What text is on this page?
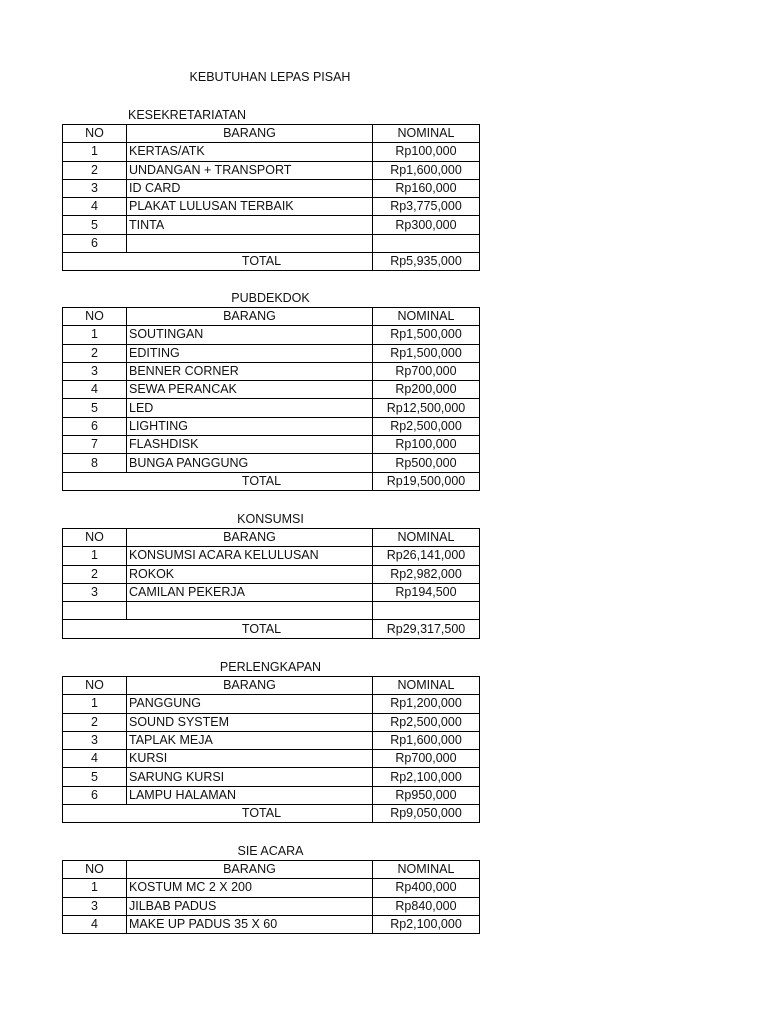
KEBUTUHAN LEPAS PISAH
KESEKRETARIATAN
NO	BARANG	NOMINAL
1	KERTAS/ATK	Rp100,000
2	UNDANGAN + TRANSPORT	Rp1,600,000
3	ID CARD	Rp160,000
4	PLAKAT LULUSAN TERBAIK	Rp3,775,000
5	TINTA	Rp300,000
6		
TOTAL		Rp5,935,000
PUBDEKDOK
NO	BARANG	NOMINAL
1	SOUTINGAN	Rp1,500,000
2	EDITING	Rp1,500,000
3	BENNER CORNER	Rp700,000
4	SEWA PERANCAK	Rp200,000
5	LED	Rp12,500,000
6	LIGHTING	Rp2,500,000
7	FLASHDISK	Rp100,000
8	BUNGA PANGGUNG	Rp500,000
TOTAL		Rp19,500,000
KONSUMSI
NO	BARANG	NOMINAL
1	KONSUMSI ACARA KELULUSAN	Rp26,141,000
2	ROKOK	Rp2,982,000
3	CAMILAN PEKERJA	Rp194,500

TOTAL		Rp29,317,500
PERLENGKAPAN
NO	BARANG	NOMINAL
1	PANGGUNG	Rp1,200,000
2	SOUND SYSTEM	Rp2,500,000
3	TAPLAK MEJA	Rp1,600,000
4	KURSI	Rp700,000
5	SARUNG KURSI	Rp2,100,000
6	LAMPU HALAMAN	Rp950,000
TOTAL		Rp9,050,000
SIE ACARA
NO	BARANG	NOMINAL
1	KOSTUM MC 2 X 200	Rp400,000
3	JILBAB PADUS	Rp840,000
4	MAKE UP PADUS 35 X 60	Rp2,100,000
